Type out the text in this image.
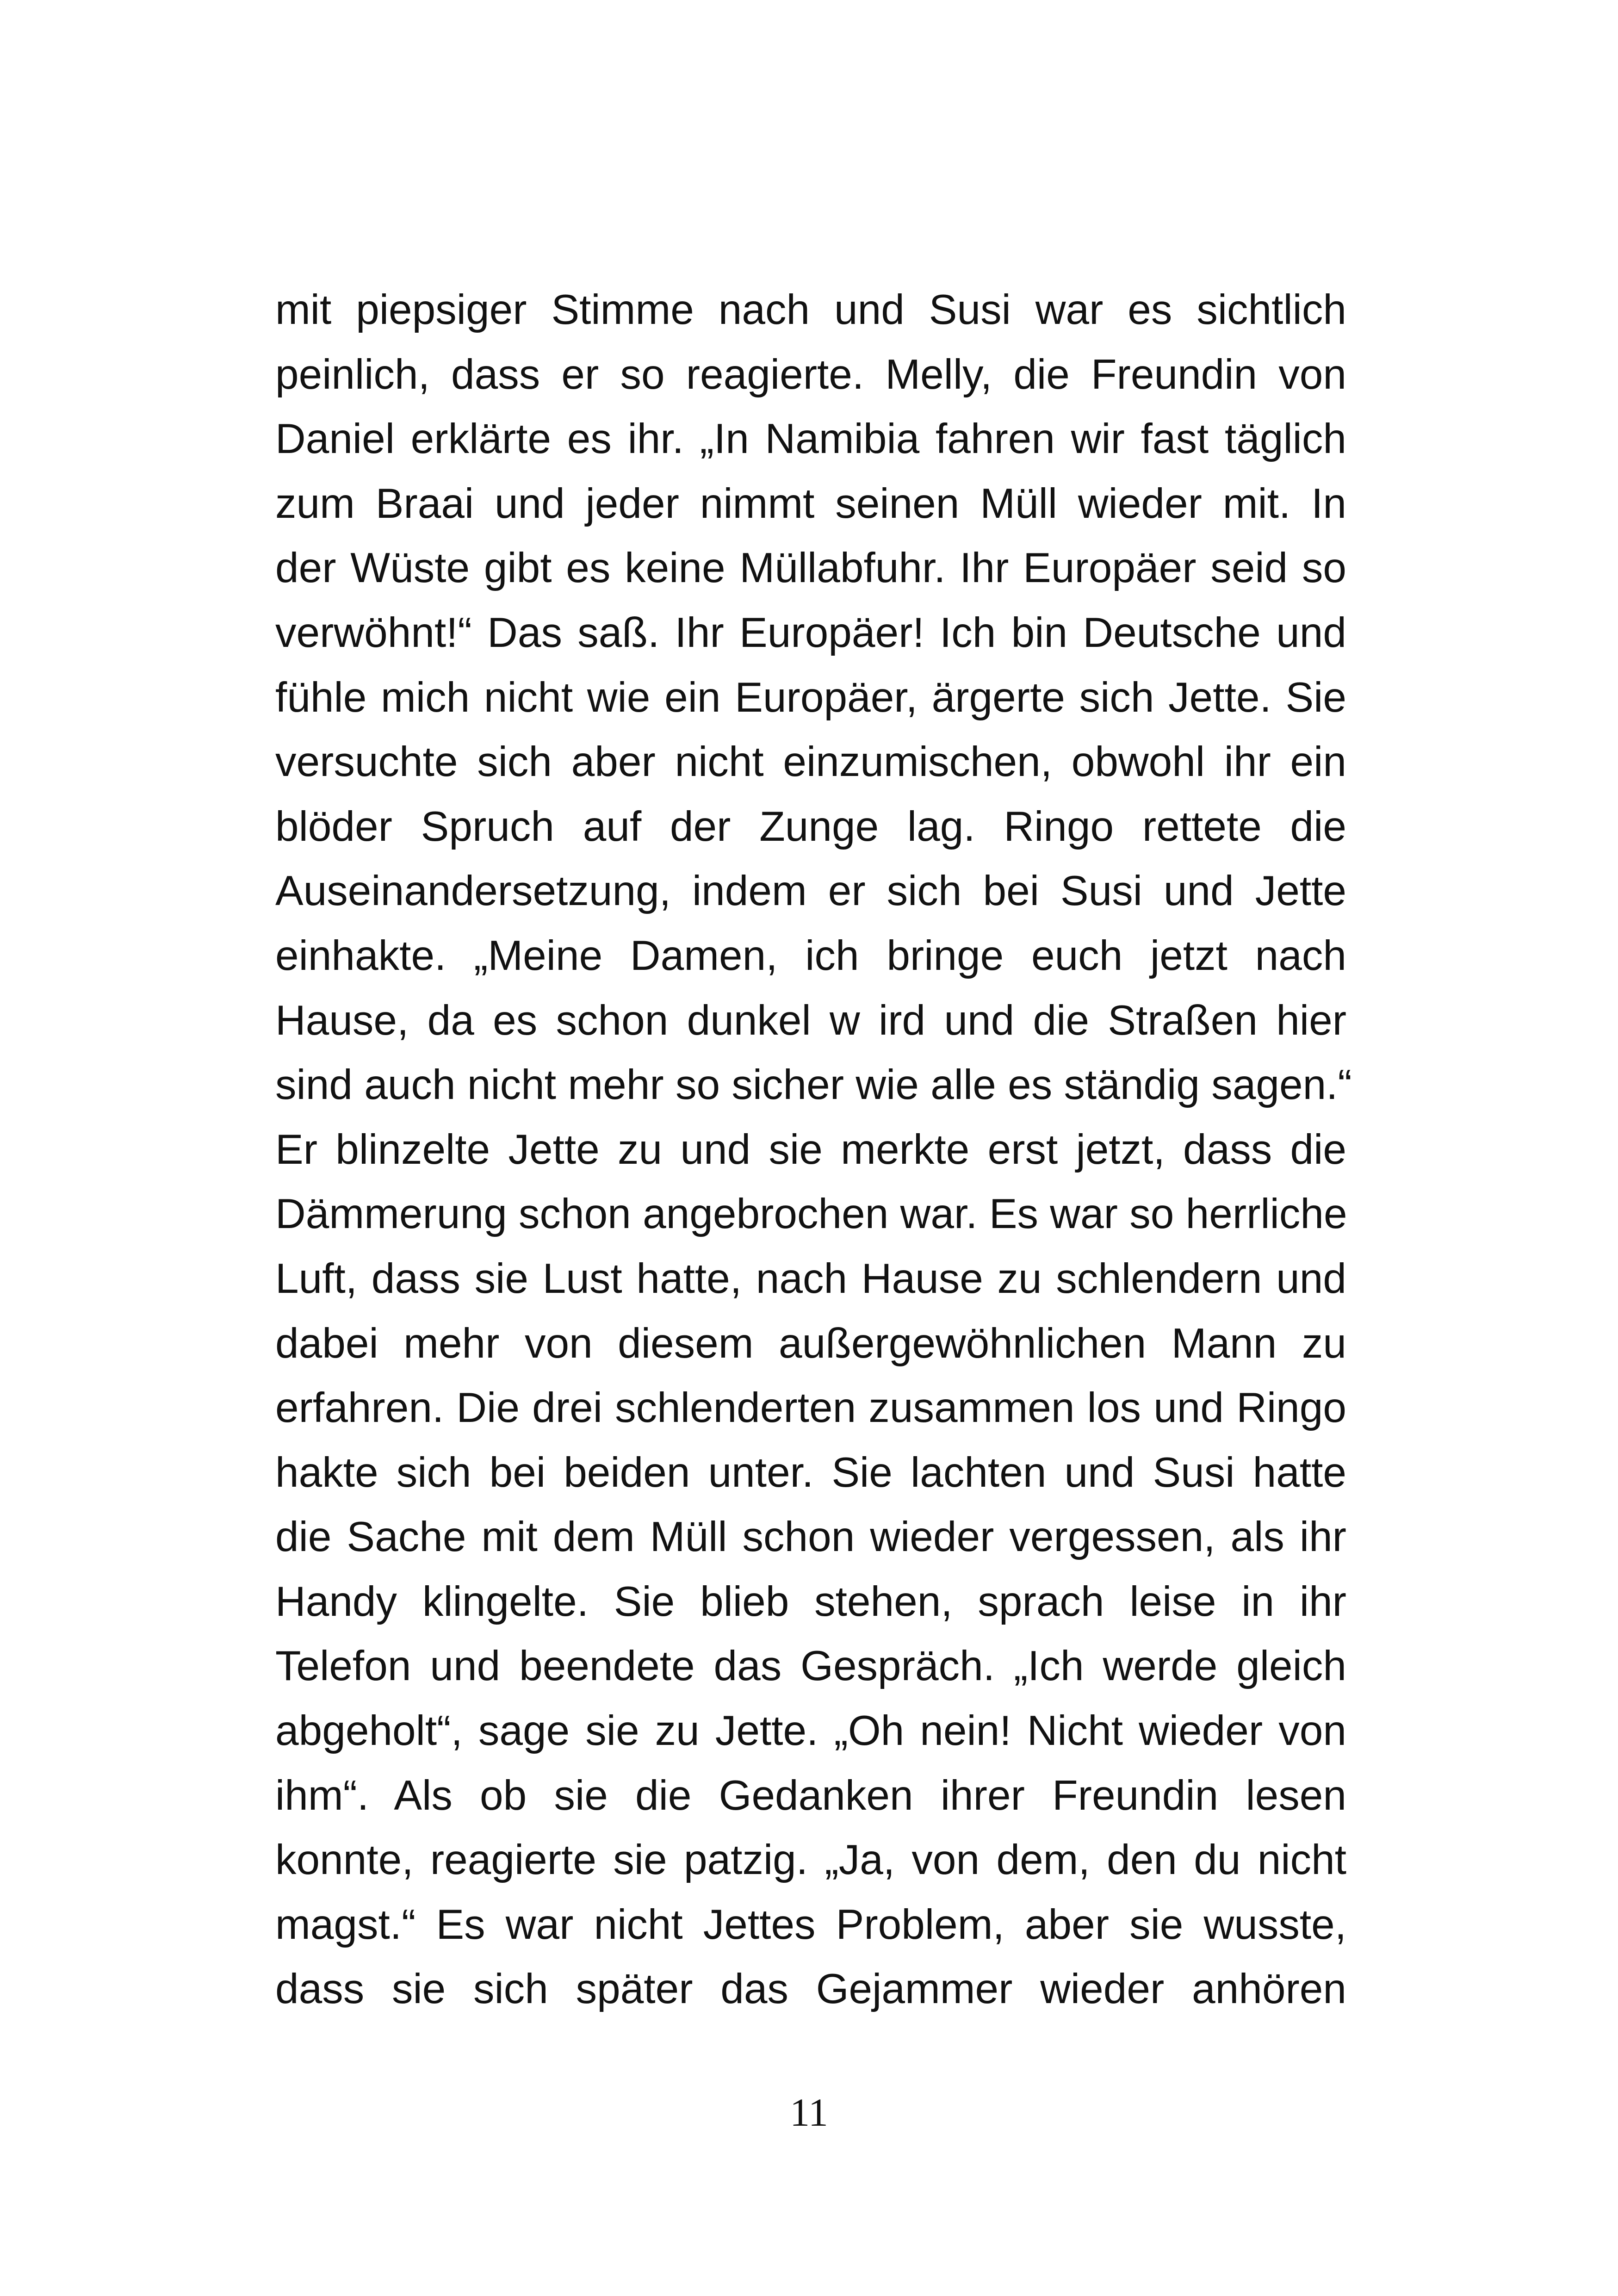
mit piepsiger Stimme nach und Susi war es sichtlich
peinlich, dass er so reagierte. Melly, die Freundin von
Daniel erklärte es ihr. „In Namibia fahren wir fast täglich
zum Braai und jeder nimmt seinen Müll wieder mit. In
der Wüste gibt es keine Müllabfuhr. Ihr Europäer seid so
verwöhnt!“ Das saß. Ihr Europäer! Ich bin Deutsche und
fühle mich nicht wie ein Europäer, ärgerte sich Jette. Sie
versuchte sich aber nicht einzumischen, obwohl ihr ein
blöder Spruch auf der Zunge lag. Ringo rettete die
Auseinandersetzung, indem er sich bei Susi und Jette
einhakte. „Meine Damen, ich bringe euch jetzt nach
Hause, da es schon dunkel w ird und die Straßen hier
sind auch nicht mehr so sicher wie alle es ständig sagen.“
Er blinzelte Jette zu und sie merkte erst jetzt, dass die
Dämmerung schon angebrochen war. Es war so herrliche
Luft, dass sie Lust hatte, nach Hause zu schlendern und
dabei mehr von diesem außergewöhnlichen Mann zu
erfahren. Die drei schlenderten zusammen los und Ringo
hakte sich bei beiden unter. Sie lachten und Susi hatte
die Sache mit dem Müll schon wieder vergessen, als ihr
Handy klingelte. Sie blieb stehen, sprach leise in ihr
Telefon und beendete das Gespräch. „Ich werde gleich
abgeholt“, sage sie zu Jette. „Oh nein! Nicht wieder von
ihm“. Als ob sie die Gedanken ihrer Freundin lesen
konnte, reagierte sie patzig. „Ja, von dem, den du nicht
magst.“ Es war nicht Jettes Problem, aber sie wusste,
dass sie sich später das Gejammer wieder anhören
11
